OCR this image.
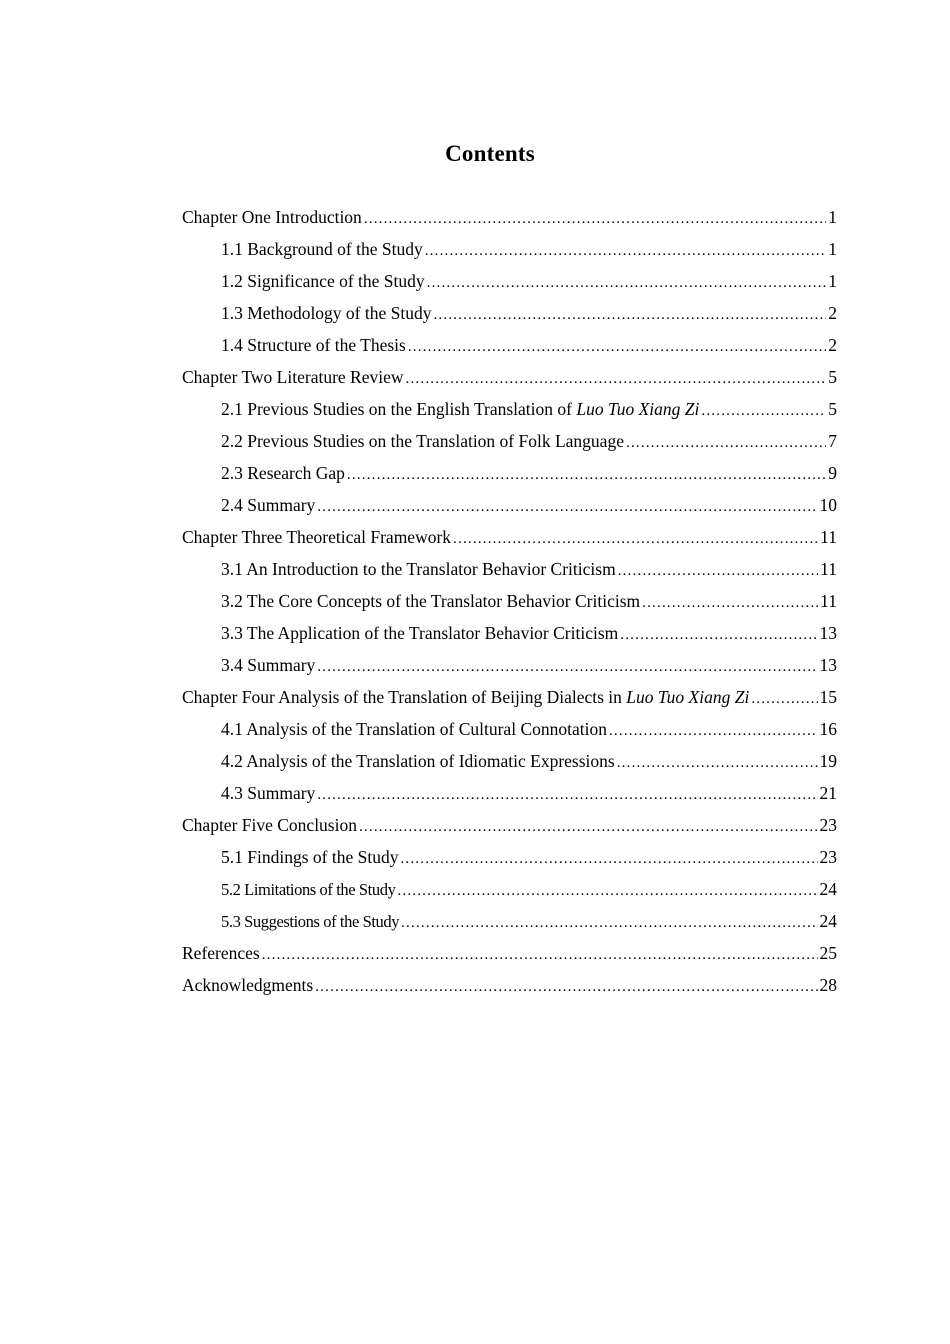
Contents
Chapter One Introduction .....	1
1.1 Background of the Study .....	1
1.2 Significance of the Study .....	1
1.3 Methodology of the Study .....	2
1.4 Structure of the Thesis .....	2
Chapter Two Literature Review .....	5
2.1 Previous Studies on the English Translation of Luo Tuo Xiang Zi .....	5
2.2 Previous Studies on the Translation of Folk Language .....	7
2.3 Research Gap .....	9
2.4 Summary .....	10
Chapter Three Theoretical Framework .....	11
3.1 An Introduction to the Translator Behavior Criticism .....	11
3.2 The Core Concepts of the Translator Behavior Criticism .....	11
3.3 The Application of the Translator Behavior Criticism .....	13
3.4 Summary .....	13
Chapter Four Analysis of the Translation of Beijing Dialects in Luo Tuo Xiang Zi .....	15
4.1 Analysis of the Translation of Cultural Connotation .....	16
4.2 Analysis of the Translation of Idiomatic Expressions .....	19
4.3 Summary .....	21
Chapter Five Conclusion .....	23
5.1 Findings of the Study .....	23
5.2 Limitations of the Study .....	24
5.3 Suggestions of the Study .....	24
References .....	25
Acknowledgments .....	28
